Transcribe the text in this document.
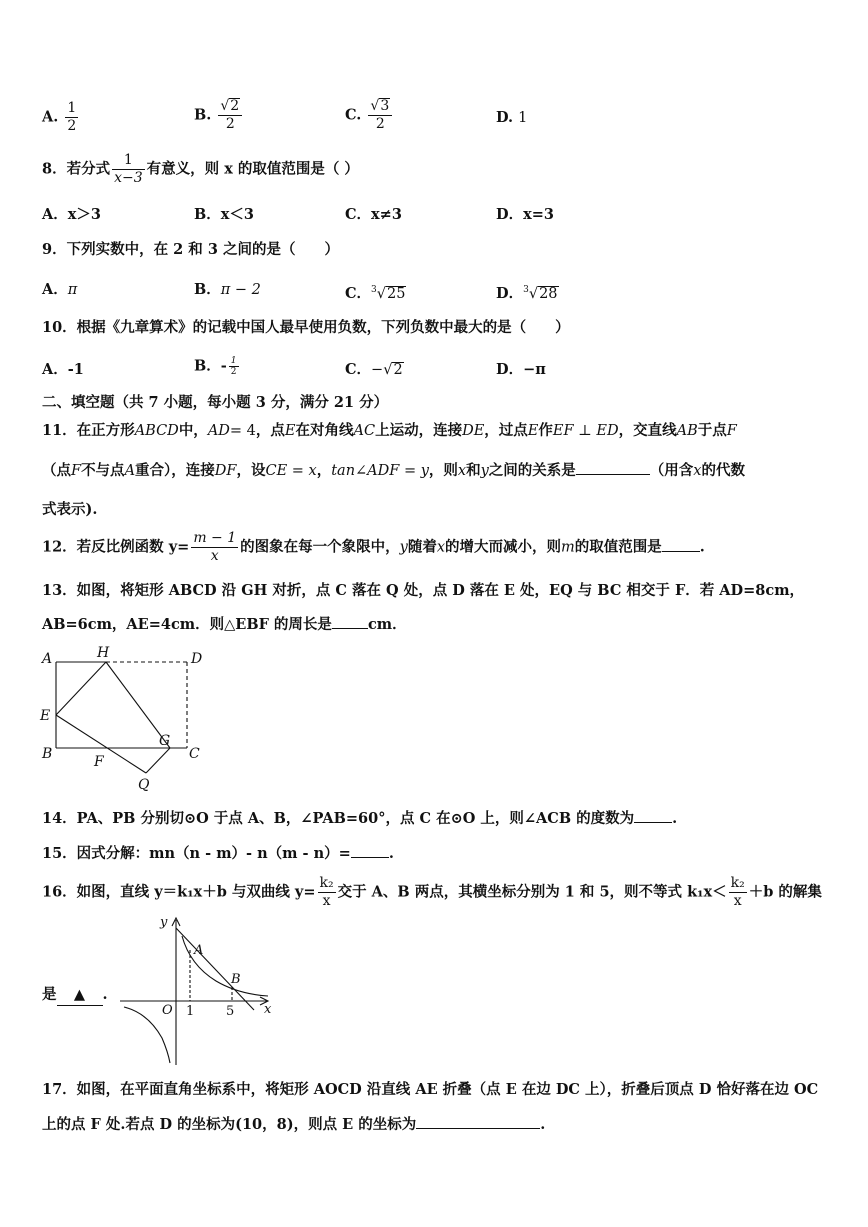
A. $\frac{1}{2}$	B. $\frac{√2}{2}$	C. $\frac{√3}{2}$	D. 1
8．若分式 $\frac{1}{x-3}$ 有意义，则 x 的取值范围是（ ）
A．x＞3	B．x＜3	C．x≠3	D．x=3
9．下列实数中，在 2 和 3 之间的是（　　）
A．π	B．π − 2	C．$^3$√25	D．$^3$√28
10．根据《九章算术》的记载中国人最早使用负数，下列负数中最大的是（　　）
A．-1	B．- $\frac{1}{2}$	C．−√2	D．−π
二、填空题（共 7 小题，每小题 3 分，满分 21 分）
11．在正方形ABCD中，AD= 4，点E在对角线AC上运动，连接DE，过点E作EF ⊥ ED，交直线AB于点F
（点F不与点A重合），连接DF，设CE = x，tan∠ADF = y，则x和y之间的关系是	（用含x的代数
式表示).
12．若反比例函数 $y= \frac{m - 1}{x}$ 的图象在每一个象限中，y随着x的增大而减小，则m的取值范围是	.
13．如图，将矩形 ABCD 沿 GH 对折，点 C 落在 Q 处，点 D 落在 E 处，EQ 与 BC 相交于 F．若 AD=8cm，
AB=6cm，AE=4cm．则△EBF 的周长是 cm．
A	H	D
E
B
G
C
F
Q
14．PA、PB 分别切⊙O 于点 A、B，∠PAB=60°，点 C 在⊙O 上，则∠ACB 的度数为	.
15．因式分解：mn（n - m）- n（m - n）=	.
16．如图，直线 y＝k₁x＋b 与双曲线 $y= \frac{\text{k₂}}{x}$ 交于 A、B 两点，其横坐标分别为 1 和 5，则不等式 $k_1x< \frac{\text{k₂}}{x} +b$ 的解集
是 ▲ .
y
x
O
A
B
1 5
17．如图，在平面直角坐标系中，将矩形 AOCD 沿直线 AE 折叠（点 E 在边 DC 上），折叠后顶点 D 恰好落在边 OC
上的点 F 处.若点 D 的坐标为(10，8)，则点 E 的坐标为	.
